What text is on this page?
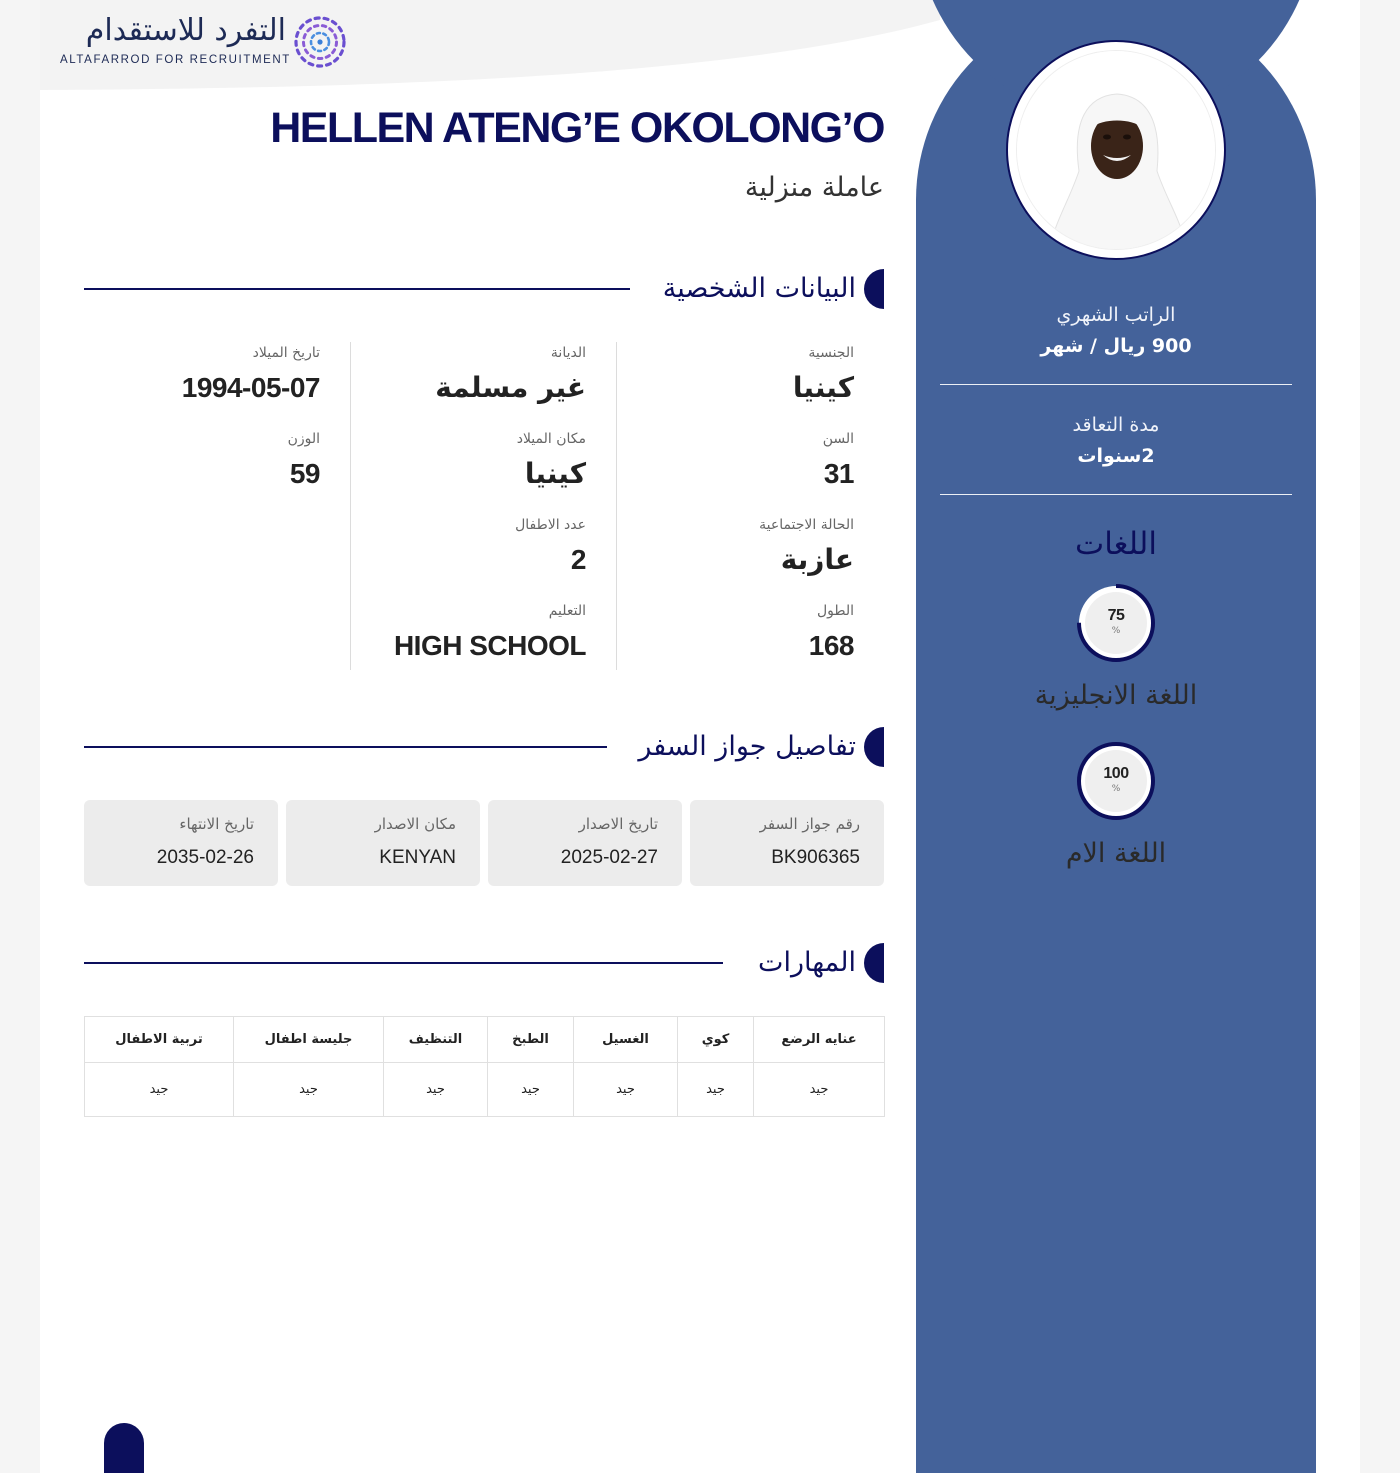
التفرد للاستقدام
ALTAFARROD FOR RECRUITMENT
HELLEN ATENG’E OKOLONG’O
عاملة منزلية
البيانات الشخصية
الجنسية
كينيا
السن
31
الحالة الاجتماعية
عازبة
الطول
168
الديانة
غير مسلمة
مكان الميلاد
كينيا
عدد الاطفال
2
التعليم
HIGH SCHOOL
تاريخ الميلاد
1994-05-07
الوزن
59
تفاصيل جواز السفر
رقم جواز السفر
BK906365
تاريخ الاصدار
2025-02-27
مكان الاصدار
KENYAN
تاريخ الانتهاء
2035-02-26
المهارات
عنايه الرضع	كوي	الغسيل	الطبخ	التنظيف	جليسة اطفال	تربية الاطفال
جيد	جيد	جيد	جيد	جيد	جيد	جيد
الراتب الشهري
900 ريال / شهر
مدة التعاقد
2سنوات
اللغات
75
%
اللغة الانجليزية
100
%
اللغة الام
